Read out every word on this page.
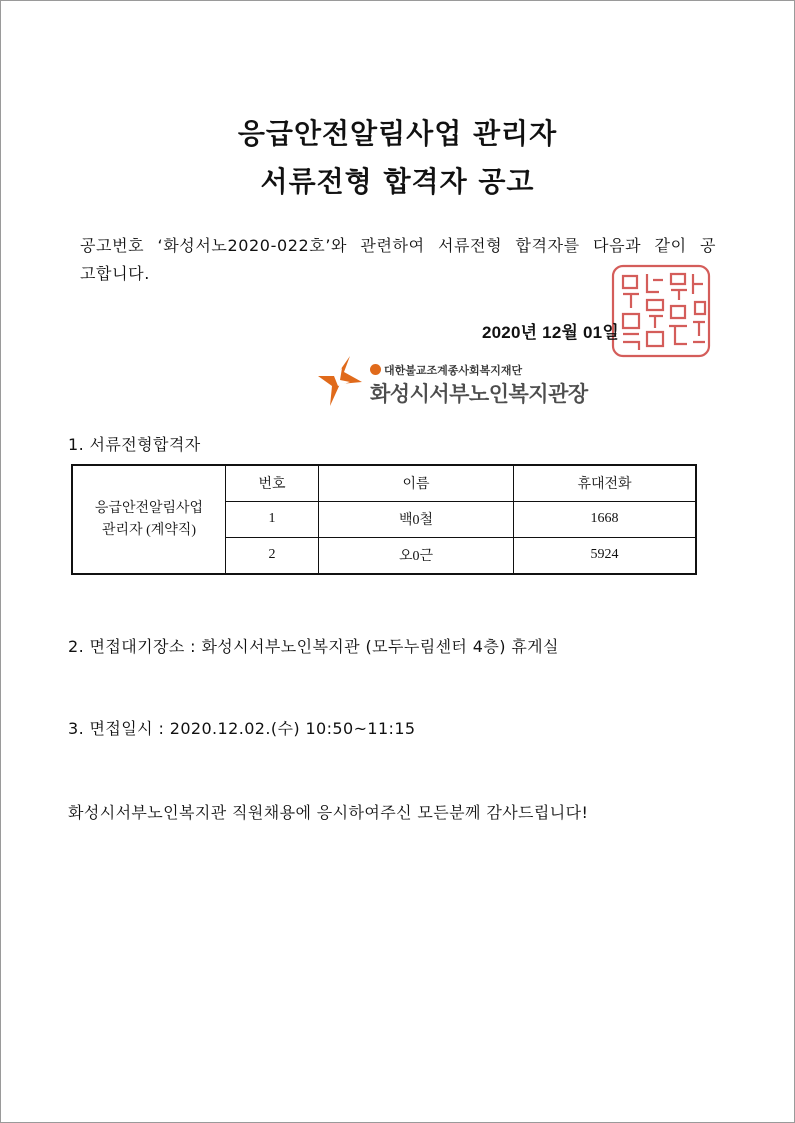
응급안전알림사업 관리자
서류전형 합격자 공고
공고번호 ‘화성서노2020-022호’와 관련하여 서류전형 합격자를 다음과 같이 공고합니다.
2020년 12월 01일
대한불교조계종사회복지재단
화성시서부노인복지관장
1. 서류전형합격자
응급안전알림사업
관리자 (계약직)	번호	이름	휴대전화
	1	백0철	1668
	2	오0근	5924
2. 면접대기장소 : 화성시서부노인복지관 (모두누림센터 4층) 휴게실
3. 면접일시 : 2020.12.02.(수) 10:50~11:15
화성시서부노인복지관 직원채용에 응시하여주신 모든분께 감사드립니다!
